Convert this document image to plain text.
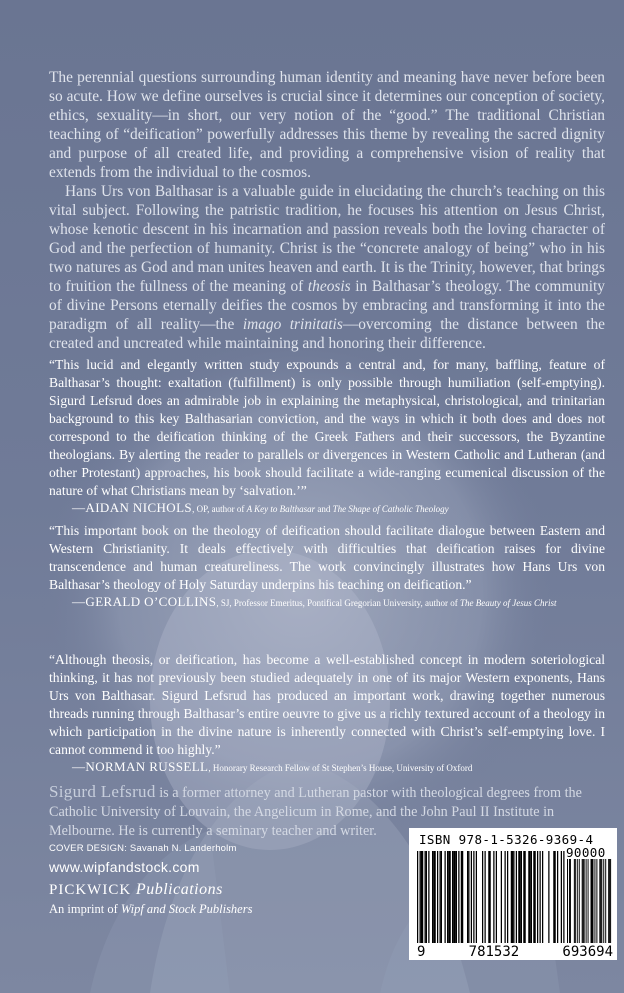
The perennial questions surrounding human identity and meaning have never before been so acute. How we define ourselves is crucial since it determines our conception of society, ethics, sexuality—in short, our very notion of the “good.” The traditional Christian teaching of “deification” powerfully addresses this theme by revealing the sacred dignity and purpose of all created life, and providing a comprehensive vision of reality that extends from the individual to the cosmos.

Hans Urs von Balthasar is a valuable guide in elucidating the church’s teaching on this vital subject. Following the patristic tradition, he focuses his attention on Jesus Christ, whose kenotic descent in his incarnation and passion reveals both the loving character of God and the perfection of humanity. Christ is the “concrete analogy of being” who in his two natures as God and man unites heaven and earth. It is the Trinity, however, that brings to fruition the fullness of the meaning of theosis in Balthasar’s theology. The community of divine Persons eternally deifies the cosmos by embracing and transforming it into the paradigm of all reality—the imago trinitatis—overcoming the distance between the created and uncreated while maintaining and honoring their difference.

“This lucid and elegantly written study expounds a central and, for many, baffling, feature of Balthasar’s thought: exaltation (fulfillment) is only possible through humiliation (self-emptying). Sigurd Lefsrud does an admirable job in explaining the metaphysical, christological, and trinitarian background to this key Balthasarian conviction, and the ways in which it both does and does not correspond to the deification thinking of the Greek Fathers and their successors, the Byzantine theologians. By alerting the reader to parallels or divergences in Western Catholic and Lutheran (and other Protestant) approaches, his book should facilitate a wide-ranging ecumenical discussion of the nature of what Christians mean by ‘salvation.’”
—AIDAN NICHOLS, OP, author of A Key to Balthasar and The Shape of Catholic Theology
“This important book on the theology of deification should facilitate dialogue between Eastern and Western Christianity. It deals effectively with difficulties that deification raises for divine transcendence and human creatureliness. The work convincingly illustrates how Hans Urs von Balthasar’s theology of Holy Saturday underpins his teaching on deification.”
—GERALD O’COLLINS, SJ, Professor Emeritus, Pontifical Gregorian University, author of The Beauty of Jesus Christ
“Although theosis, or deification, has become a well-established concept in modern soteriological thinking, it has not previously been studied adequately in one of its major Western exponents, Hans Urs von Balthasar. Sigurd Lefsrud has produced an important work, drawing together numerous threads running through Balthasar’s entire oeuvre to give us a richly textured account of a theology in which participation in the divine nature is inherently connected with Christ’s self-emptying love. I cannot commend it too highly.”
—NORMAN RUSSELL, Honorary Research Fellow of St Stephen’s House, University of Oxford
Sigurd Lefsrud is a former attorney and Lutheran pastor with theological degrees from the Catholic University of Louvain, the Angelicum in Rome, and the John Paul II Institute in Melbourne. He is currently a seminary teacher and writer.
COVER DESIGN: Savanah N. Landerholm
www.wipfandstock.com
PICKWICK Publications
An imprint of Wipf and Stock Publishers
ISBN 978-1-5326-9369-4
90000
9	781532	693694
